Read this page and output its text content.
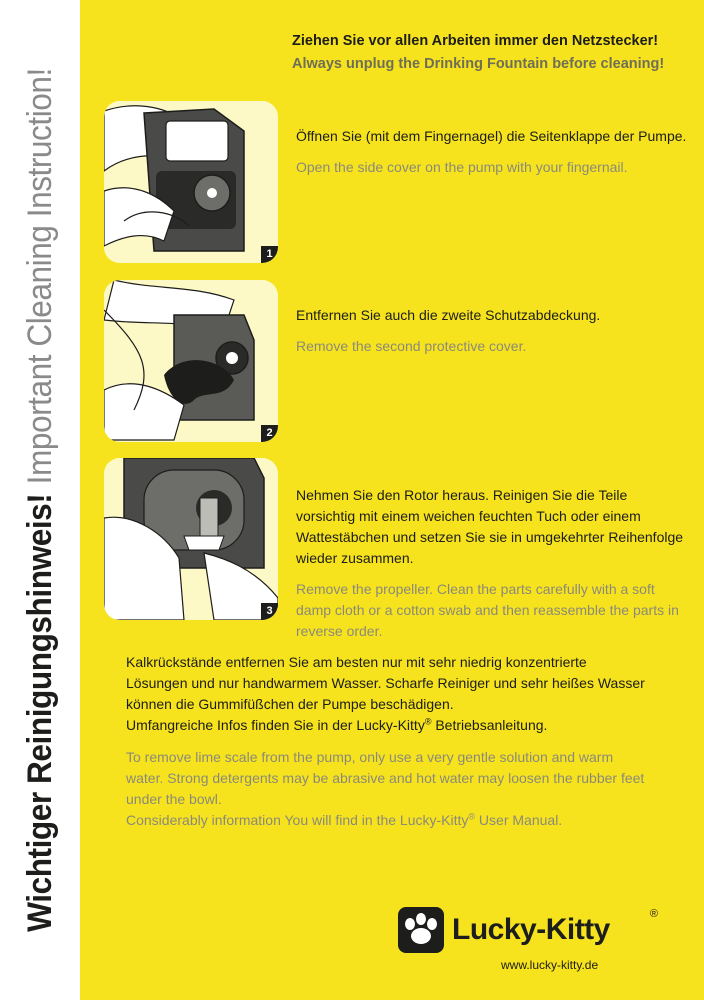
Wichtiger Reinigungshinweis!
Important Cleaning Instruction!
Ziehen Sie vor allen Arbeiten immer den Netzstecker!
Always unplug the Drinking Fountain before cleaning!
1

Öffnen Sie (mit dem Fingernagel) die Seitenklappe der Pumpe.

Open the side cover on the pump with your fingernail.

2

Entfernen Sie auch die zweite Schutzabdeckung.

Remove the second protective cover.

3

Nehmen Sie den Rotor heraus. Reinigen Sie die Teile vorsichtig mit einem weichen feuchten Tuch oder einem Wattestäbchen und setzen Sie sie in umgekehrter Reihenfolge wieder zusammen.

Remove the propeller. Clean the parts carefully with a soft damp cloth or a cotton swab and then reassemble the parts in reverse order.

Kalkrückstände entfernen Sie am besten nur mit sehr niedrig konzentrierte Lösungen und nur handwarmem Wasser. Scharfe Reiniger und sehr heißes Wasser können die Gummifüßchen der Pumpe beschädigen.

Umfangreiche Infos finden Sie in der Lucky-Kitty® Betriebsanleitung.

To remove lime scale from the pump, only use a very gentle solution and warm water. Strong detergents may be abrasive and hot water may loosen the rubber feet under the bowl.

Considerably information You will find in the Lucky-Kitty® User Manual.

Lucky-Kitty	®
www.lucky-kitty.de
